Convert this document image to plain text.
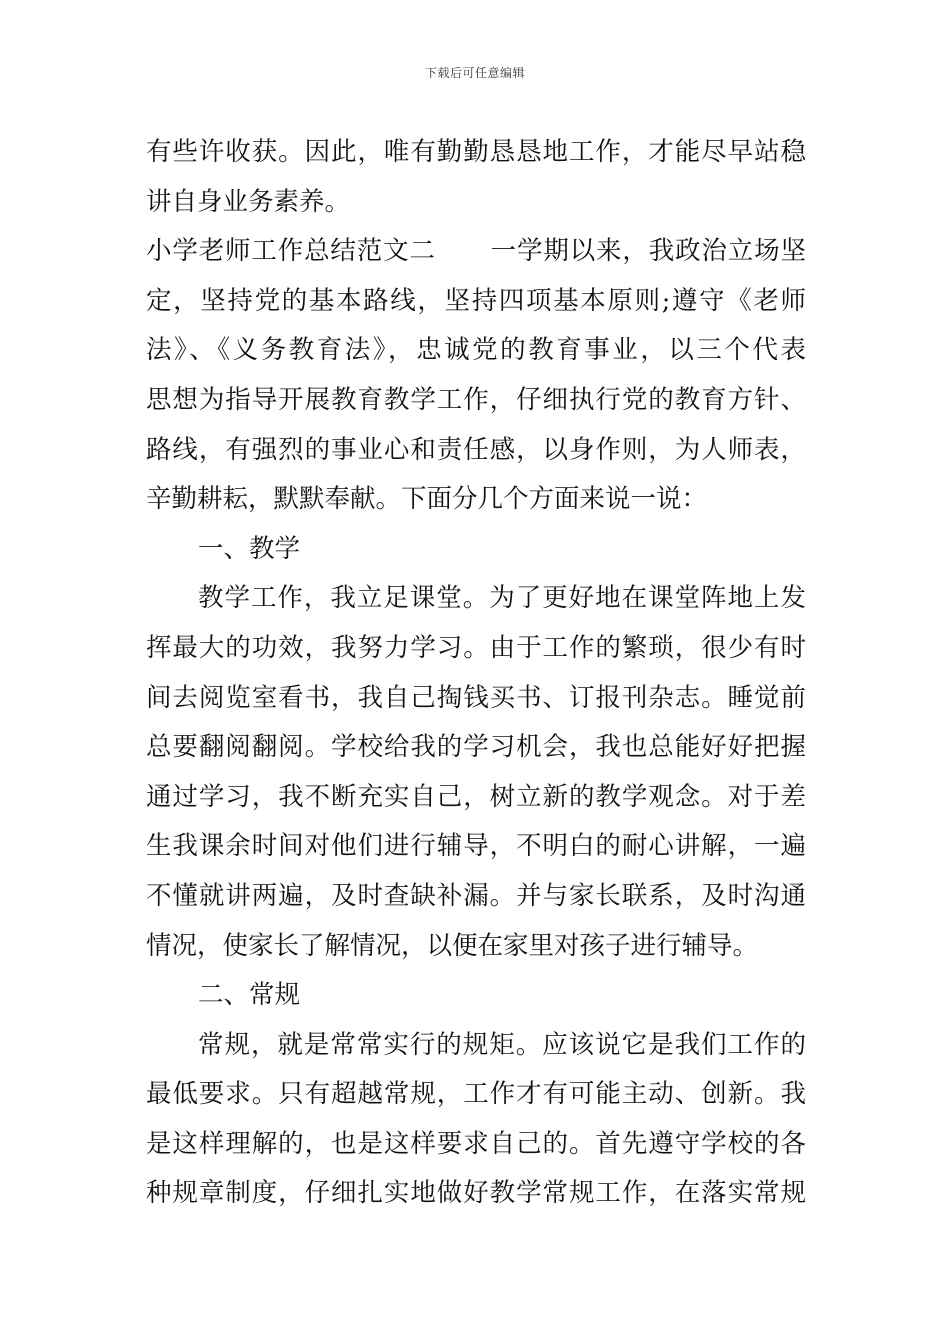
下载后可任意编辑
有些许收获。因此，唯有勤勤恳恳地工作，才能尽早站稳
讲自身业务素养。
小学老师工作总结范文二 一学期以来，我政治立场坚
定，坚持党的基本路线，坚持四项基本原则;遵守《老师
法》、《义务教育法》，忠诚党的教育事业，以三个代表
思想为指导开展教育教学工作，仔细执行党的教育方针、
路线，有强烈的事业心和责任感，以身作则，为人师表，
辛勤耕耘，默默奉献。下面分几个方面来说一说：
一、教学
教学工作，我立足课堂。为了更好地在课堂阵地上发
挥最大的功效，我努力学习。由于工作的繁琐，很少有时
间去阅览室看书，我自己掏钱买书、订报刊杂志。睡觉前
总要翻阅翻阅。学校给我的学习机会，我也总能好好把握
通过学习，我不断充实自己，树立新的教学观念。对于差
生我课余时间对他们进行辅导，不明白的耐心讲解，一遍
不懂就讲两遍，及时查缺补漏。并与家长联系，及时沟通
情况，使家长了解情况，以便在家里对孩子进行辅导。
二、常规
常规，就是常常实行的规矩。应该说它是我们工作的
最低要求。只有超越常规，工作才有可能主动、创新。我
是这样理解的，也是这样要求自己的。首先遵守学校的各
种规章制度，仔细扎实地做好教学常规工作，在落实常规
